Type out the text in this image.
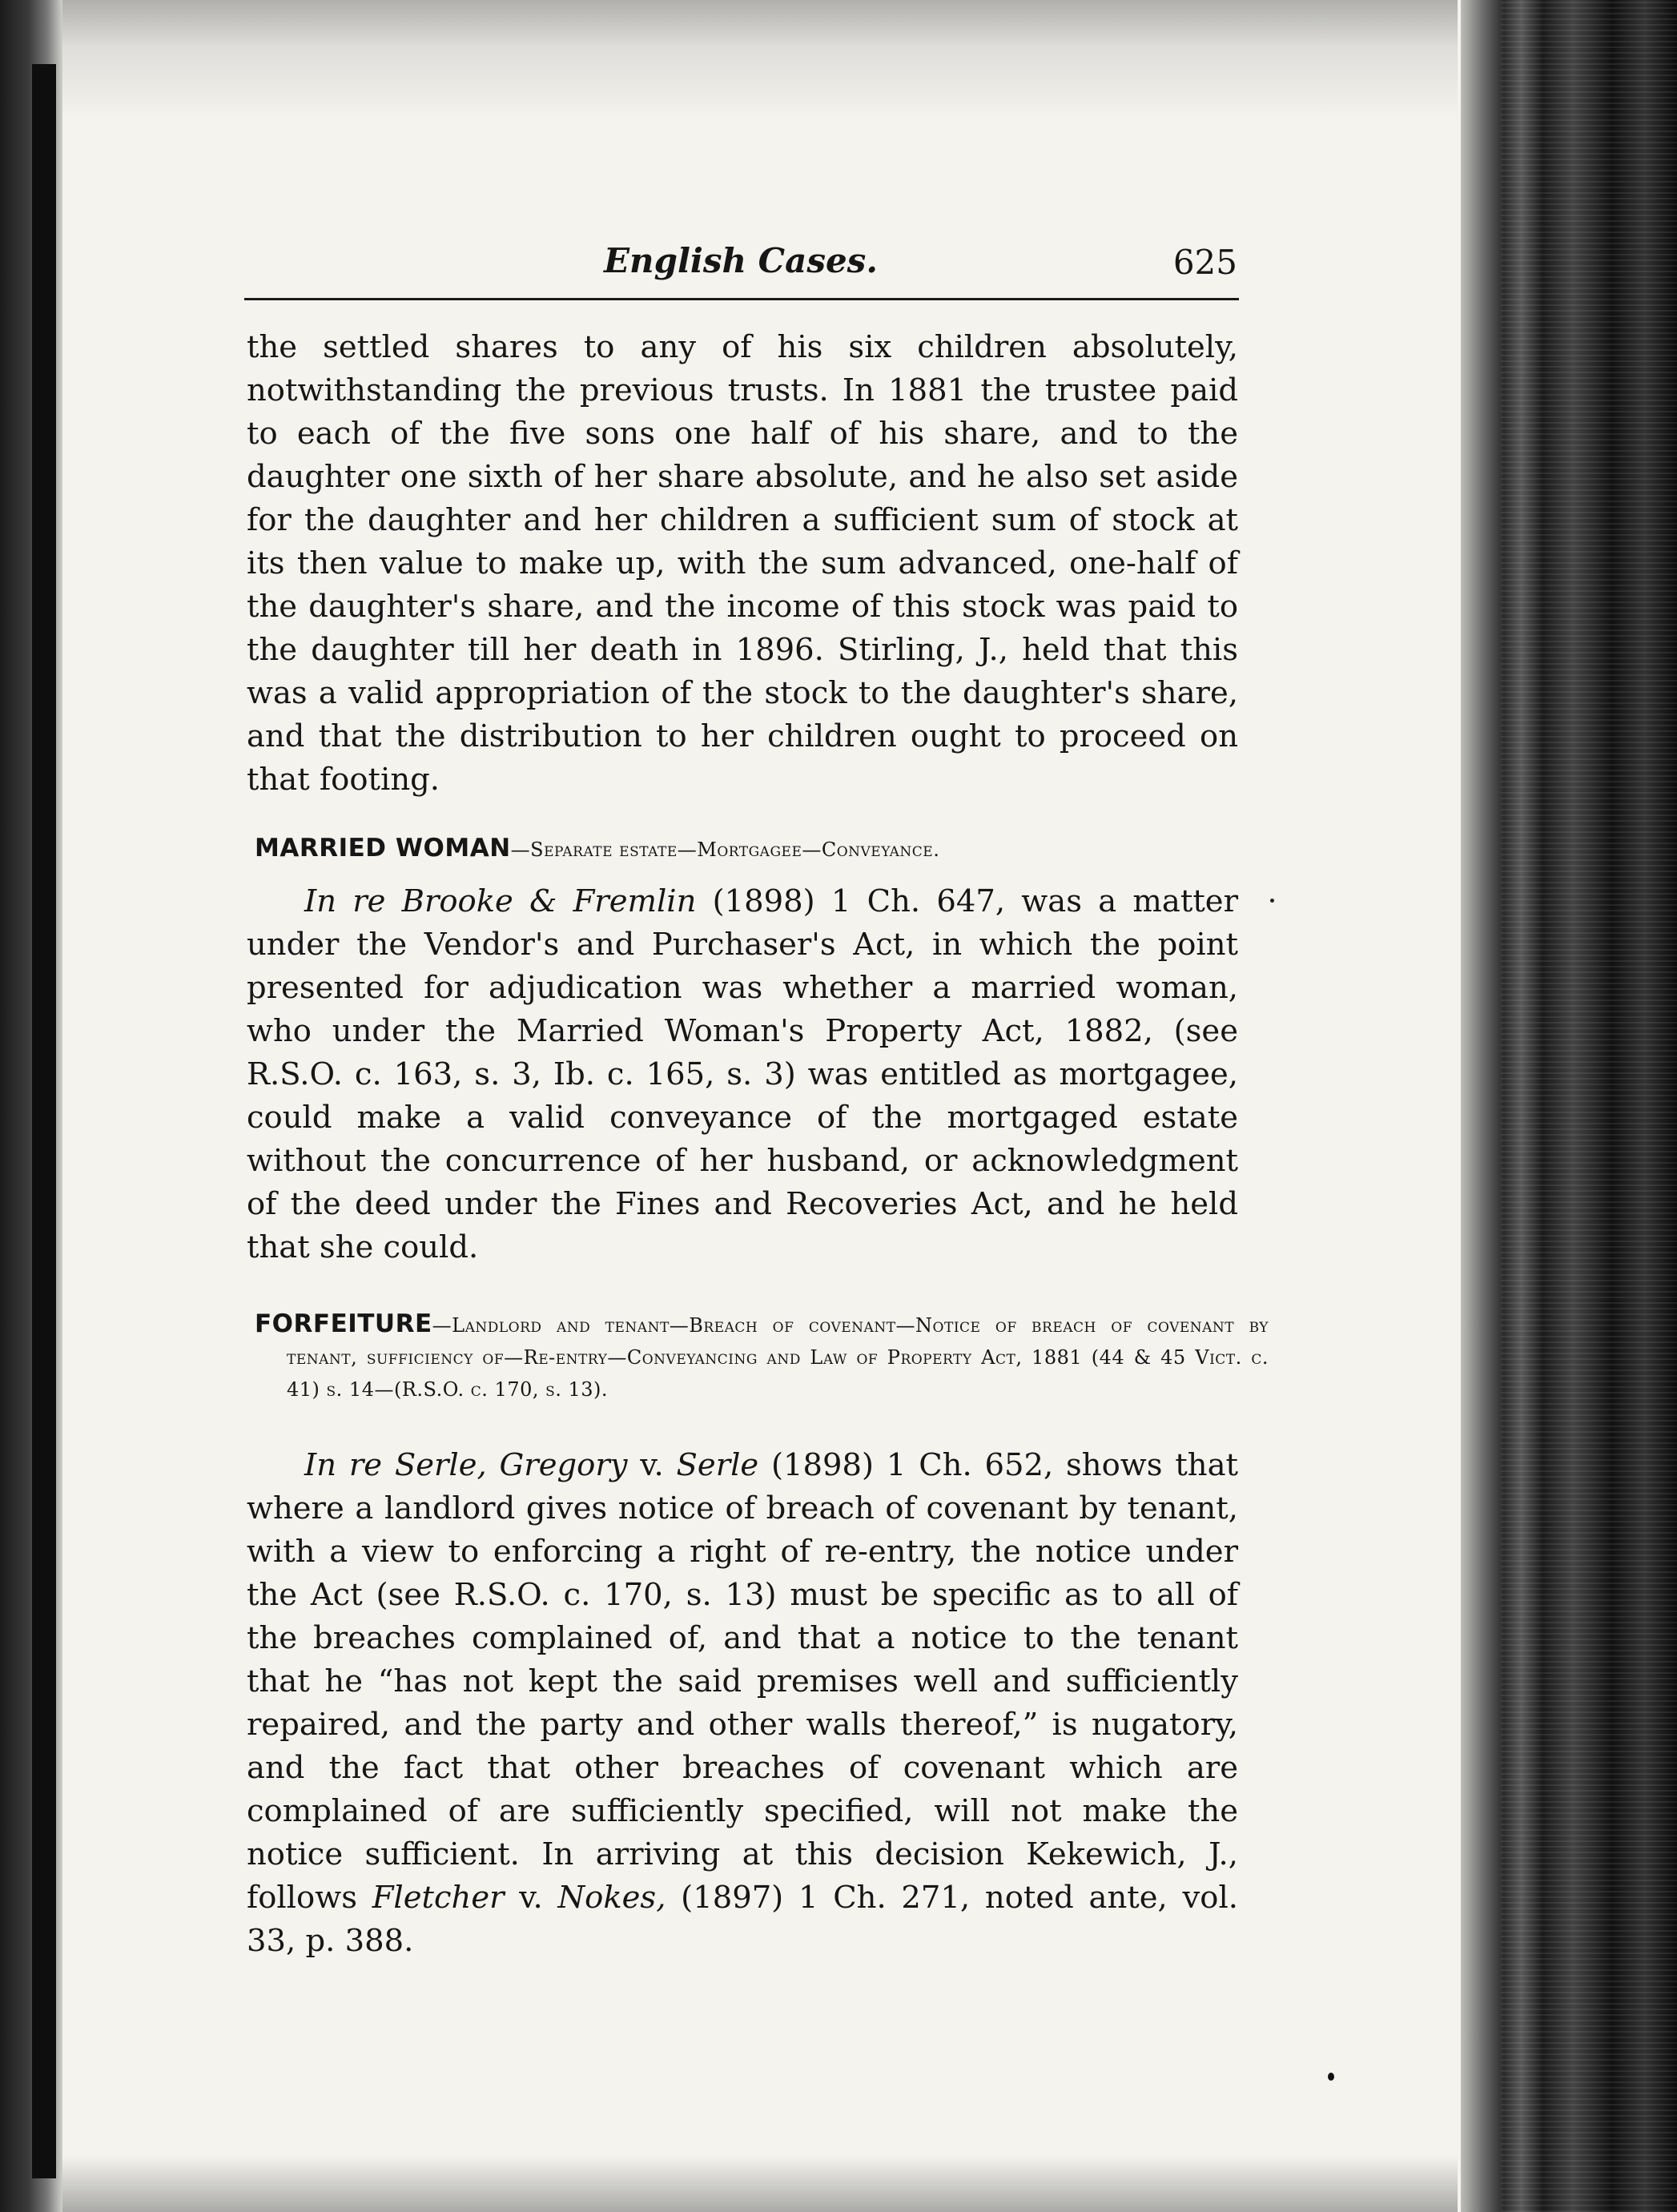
English Cases.	625

the settled shares to any of his six children absolutely, notwithstanding the previous trusts. In 1881 the trustee paid to each of the five sons one half of his share, and to the daughter one sixth of her share absolute, and he also set aside for the daughter and her children a sufficient sum of stock at its then value to make up, with the sum advanced, one-half of the daughter's share, and the income of this stock was paid to the daughter till her death in 1896. Stirling, J., held that this was a valid appropriation of the stock to the daughter's share, and that the distribution to her children ought to proceed on that footing.

MARRIED WOMAN—Separate estate—Mortgagee—Conveyance.

In re Brooke & Fremlin (1898) 1 Ch. 647, was a matter under the Vendor's and Purchaser's Act, in which the point presented for adjudication was whether a married woman, who under the Married Woman's Property Act, 1882, (see R.S.O. c. 163, s. 3, Ib. c. 165, s. 3) was entitled as mortgagee, could make a valid conveyance of the mortgaged estate without the concurrence of her husband, or acknowledgment of the deed under the Fines and Recoveries Act, and he held that she could.

FORFEITURE—Landlord and tenant—Breach of covenant—Notice of breach of covenant by tenant, sufficiency of—Re-entry—Conveyancing and Law of Property Act, 1881 (44 & 45 Vict. c. 41) s. 14—(R.S.O. c. 170, s. 13).

In re Serle, Gregory v. Serle (1898) 1 Ch. 652, shows that where a landlord gives notice of breach of covenant by tenant, with a view to enforcing a right of re-entry, the notice under the Act (see R.S.O. c. 170, s. 13) must be specific as to all of the breaches complained of, and that a notice to the tenant that he “has not kept the said premises well and sufficiently repaired, and the party and other walls thereof,” is nugatory, and the fact that other breaches of covenant which are complained of are sufficiently specified, will not make the notice sufficient. In arriving at this decision Kekewich, J., follows Fletcher v. Nokes, (1897) 1 Ch. 271, noted ante, vol. 33, p. 388.
